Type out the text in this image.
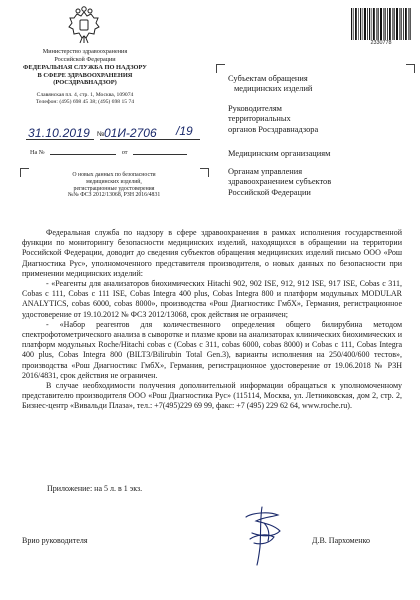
Министерство здравоохранения
Российской Федерации
ФЕДЕРАЛЬНАЯ СЛУЖБА ПО НАДЗОРУ
В СФЕРЕ ЗДРАВООХРАНЕНИЯ
(РОСЗДРАВНАДЗОР)
Славянская пл. 4, стр. 1, Москва, 109074
Телефон: (495) 698 45 38; (495) 698 15 74
31.10.2019 01И-2706 /19
№
На №	от
О новых данных по безопасности
медицинских изделий,
регистрационные удостоверения
№№ ФСЗ 2012/13068, РЗН 2016/4831
Субъектам обращения
медицинских изделий
Руководителям
территориальных
органов Росздравнадзора
Медицинским организациям
Органам управления
здравоохранением субъектов
Российской Федерации
2330778

Федеральная служба по надзору в сфере здравоохранения в рамках исполнения государственной функции по мониторингу безопасности медицинских изделий, находящихся в обращении на территории Российской Федерации, доводит до сведения субъектов обращения медицинских изделий письмо ООО «Рош Диагностика Рус», уполномоченного представителя производителя, о новых данных по безопасности при применении медицинских изделий:

- «Реагенты для анализаторов биохимических Hitachi 902, 902 ISE, 912, 912 ISE, 917 ISE, Cobas c 311, Cobas c 111, Cobas c 111 ISE, Cobas Integra 400 plus, Cobas Integra 800 и платформ модульных MODULAR ANALYTICS, cobas 6000, cobas 8000», производства «Рош Диагностикс ГмбХ», Германия, регистрационное удостоверение от 19.10.2012 № ФСЗ 2012/13068, срок действия не ограничен;

- «Набор реагентов для количественного определения общего билирубина методом спектрофотометрического анализа в сыворотке и плазме крови на анализаторах клинических биохимических и платформ модульных Roche/Hitachi cobas c (Cobas c 311, cobas 6000, cobas 8000) и Cobas c 111, Cobas Integra 400 plus, Cobas Integra 800 (BILT3/Bilirubin Total Gen.3), варианты исполнения на 250/400/600 тестов», производства «Рош Диагностикс ГмбХ», Германия, регистрационное удостоверение от 19.06.2018 № РЗН 2016/4831, срок действия не ограничен.

В случае необходимости получения дополнительной информации обращаться к уполномоченному представителю производителя ООО «Рош Диагностика Рус» (115114, Москва, ул. Летниковская, дом 2, стр. 2, Бизнес-центр «Вивальди Плаза», тел.: +7(495)229 69 99, факс: +7 (495) 229 62 64, www.roche.ru).

Приложение: на 5 л. в 1 экз.
Врио руководителя	Д.В. Пархоменко
